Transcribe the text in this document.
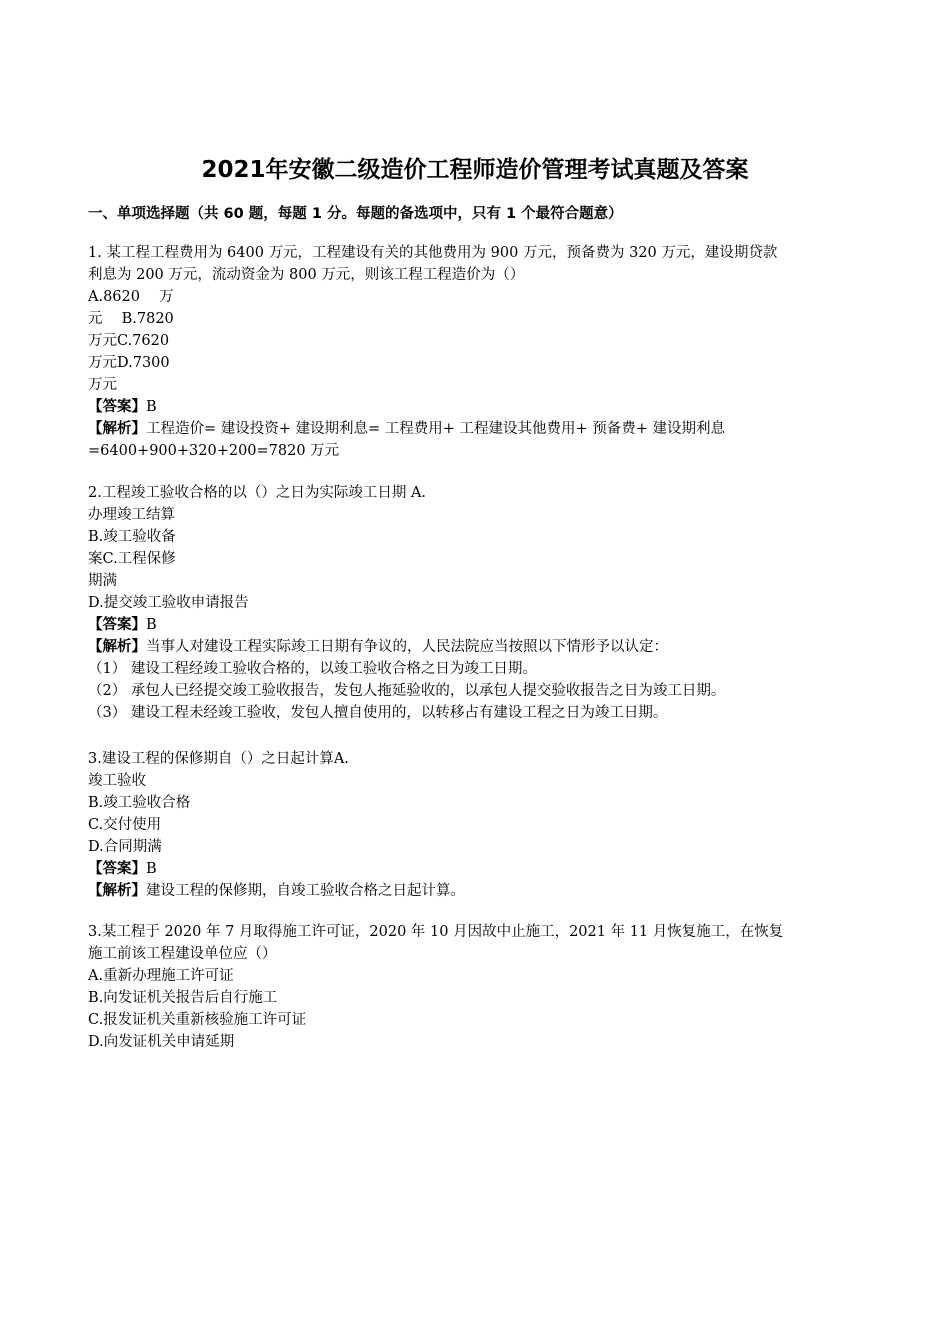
2021年安徽二级造价工程师造价管理考试真题及答案

一、单项选择题（共 60 题，每题 1 分。每题的备选项中，只有 1 个最符合题意）

1. 某工程工程费用为 6400 万元，工程建设有关的其他费用为 900 万元，预备费为 320 万元，建设期贷款
利息为 200 万元，流动资金为 800 万元，则该工程工程造价为（）
A.8620　 万
元　 B.7820
万元C.7620
万元D.7300
万元
【答案】B
【解析】工程造价= 建设投资+ 建设期利息= 工程费用+ 工程建设其他费用+ 预备费+ 建设期利息
=6400+900+320+200=7820 万元
2.工程竣工验收合格的以（）之日为实际竣工日期 A.
办理竣工结算
B.竣工验收备
案C.工程保修
期满
D.提交竣工验收申请报告
【答案】B
【解析】当事人对建设工程实际竣工日期有争议的，人民法院应当按照以下情形予以认定：
（1） 建设工程经竣工验收合格的，以竣工验收合格之日为竣工日期。
（2） 承包人已经提交竣工验收报告，发包人拖延验收的，以承包人提交验收报告之日为竣工日期。
（3） 建设工程未经竣工验收，发包人擅自使用的，以转移占有建设工程之日为竣工日期。
3.建设工程的保修期自（）之日起计算A.
竣工验收
B.竣工验收合格
C.交付使用
D.合同期满
【答案】B
【解析】建设工程的保修期，自竣工验收合格之日起计算。
3.某工程于 2020 年 7 月取得施工许可证，2020 年 10 月因故中止施工，2021 年 11 月恢复施工，在恢复
施工前该工程建设单位应（）
A.重新办理施工许可证
B.向发证机关报告后自行施工
C.报发证机关重新核验施工许可证
D.向发证机关申请延期
